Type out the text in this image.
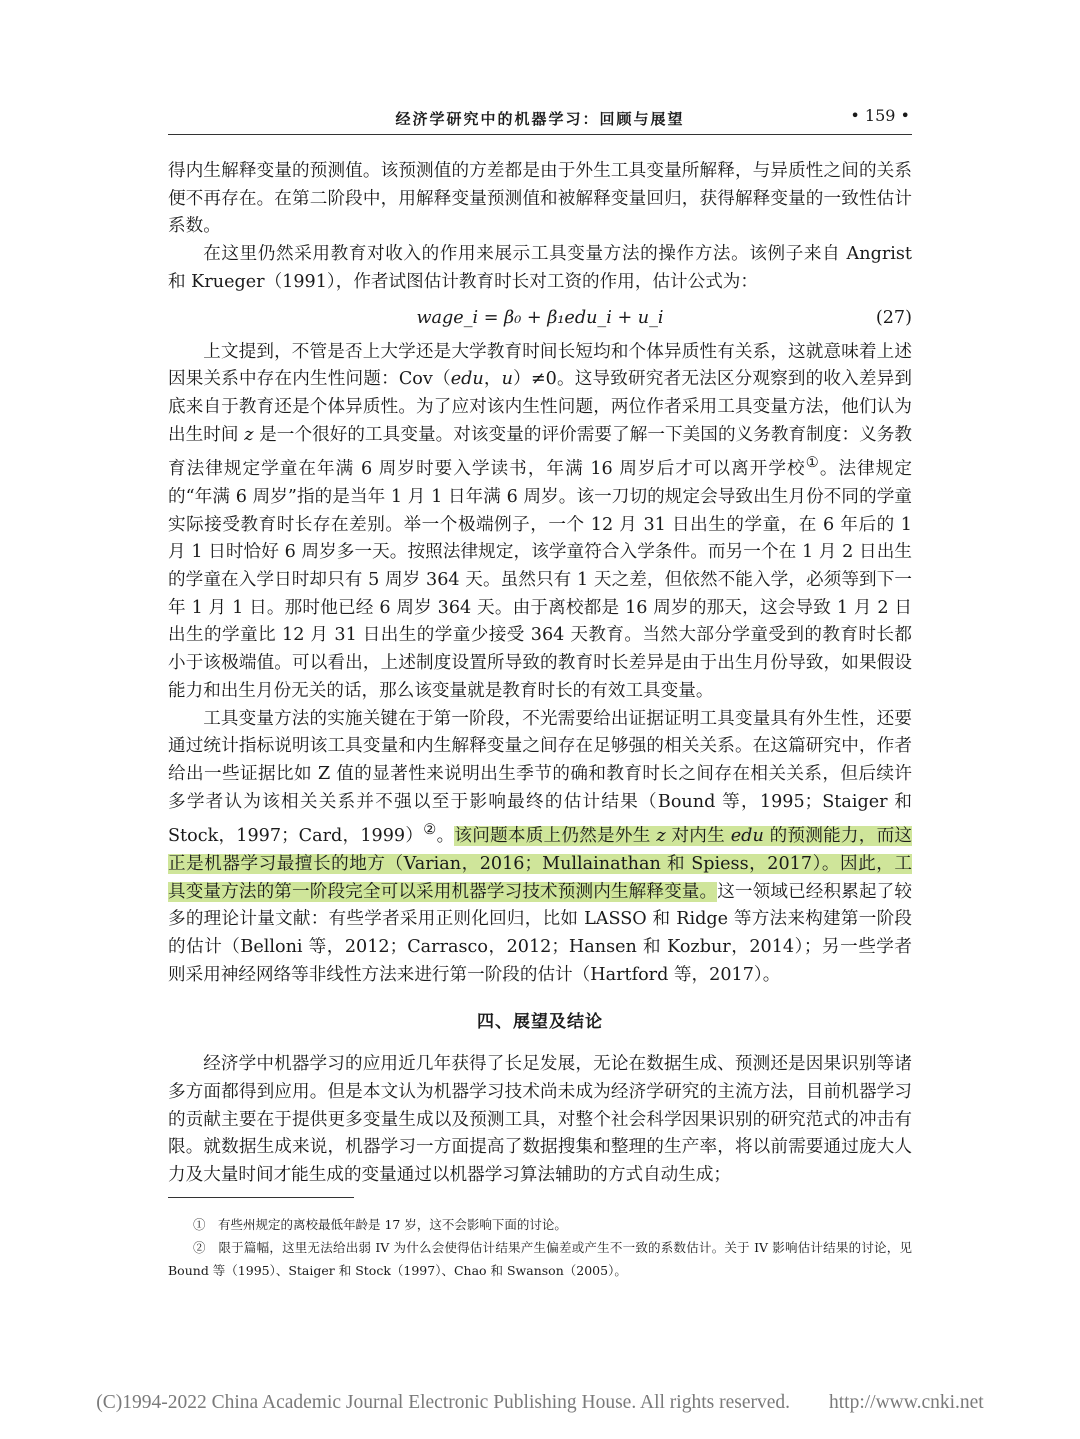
经济学研究中的机器学习：回顾与展望	• 159 •

得内生解释变量的预测值。该预测值的方差都是由于外生工具变量所解释，与异质性之间的关系便不再存在。在第二阶段中，用解释变量预测值和被解释变量回归，获得解释变量的一致性估计系数。

在这里仍然采用教育对收入的作用来展示工具变量方法的操作方法。该例子来自 Angrist 和 Krueger（1991），作者试图估计教育时长对工资的作用，估计公式为：

wage_i = β₀ + β₁edu_i + u_i	(27)

上文提到，不管是否上大学还是大学教育时间长短均和个体异质性有关系，这就意味着上述因果关系中存在内生性问题：Cov（edu，u）≠0。这导致研究者无法区分观察到的收入差异到底来自于教育还是个体异质性。为了应对该内生性问题，两位作者采用工具变量方法，他们认为出生时间 z 是一个很好的工具变量。对该变量的评价需要了解一下美国的义务教育制度：义务教育法律规定学童在年满 6 周岁时要入学读书，年满 16 周岁后才可以离开学校①。法律规定的“年满 6 周岁”指的是当年 1 月 1 日年满 6 周岁。该一刀切的规定会导致出生月份不同的学童实际接受教育时长存在差别。举一个极端例子，一个 12 月 31 日出生的学童，在 6 年后的 1 月 1 日时恰好 6 周岁多一天。按照法律规定，该学童符合入学条件。而另一个在 1 月 2 日出生的学童在入学日时却只有 5 周岁 364 天。虽然只有 1 天之差，但依然不能入学，必须等到下一年 1 月 1 日。那时他已经 6 周岁 364 天。由于离校都是 16 周岁的那天，这会导致 1 月 2 日出生的学童比 12 月 31 日出生的学童少接受 364 天教育。当然大部分学童受到的教育时长都小于该极端值。可以看出，上述制度设置所导致的教育时长差异是由于出生月份导致，如果假设能力和出生月份无关的话，那么该变量就是教育时长的有效工具变量。

工具变量方法的实施关键在于第一阶段，不光需要给出证据证明工具变量具有外生性，还要通过统计指标说明该工具变量和内生解释变量之间存在足够强的相关关系。在这篇研究中，作者给出一些证据比如 Z 值的显著性来说明出生季节的确和教育时长之间存在相关关系，但后续许多学者认为该相关关系并不强以至于影响最终的估计结果（Bound 等，1995；Staiger 和 Stock，1997；Card，1999）②。该问题本质上仍然是外生 z 对内生 edu 的预测能力，而这正是机器学习最擅长的地方（Varian，2016；Mullainathan 和 Spiess，2017）。因此，工具变量方法的第一阶段完全可以采用机器学习技术预测内生解释变量。这一领域已经积累起了较多的理论计量文献：有些学者采用正则化回归，比如 LASSO 和 Ridge 等方法来构建第一阶段的估计（Belloni 等，2012；Carrasco，2012；Hansen 和 Kozbur，2014）；另一些学者则采用神经网络等非线性方法来进行第一阶段的估计（Hartford 等，2017）。

四、展望及结论

经济学中机器学习的应用近几年获得了长足发展，无论在数据生成、预测还是因果识别等诸多方面都得到应用。但是本文认为机器学习技术尚未成为经济学研究的主流方法，目前机器学习的贡献主要在于提供更多变量生成以及预测工具，对整个社会科学因果识别的研究范式的冲击有限。就数据生成来说，机器学习一方面提高了数据搜集和整理的生产率，将以前需要通过庞大人力及大量时间才能生成的变量通过以机器学习算法辅助的方式自动生成；

①　有些州规定的离校最低年龄是 17 岁，这不会影响下面的讨论。

②　限于篇幅，这里无法给出弱 IV 为什么会使得估计结果产生偏差或产生不一致的系数估计。关于 IV 影响估计结果的讨论，见 Bound 等（1995）、Staiger 和 Stock（1997）、Chao 和 Swanson（2005）。

(C)1994-2022 China Academic Journal Electronic Publishing House. All rights reserved.　　http://www.cnki.net
